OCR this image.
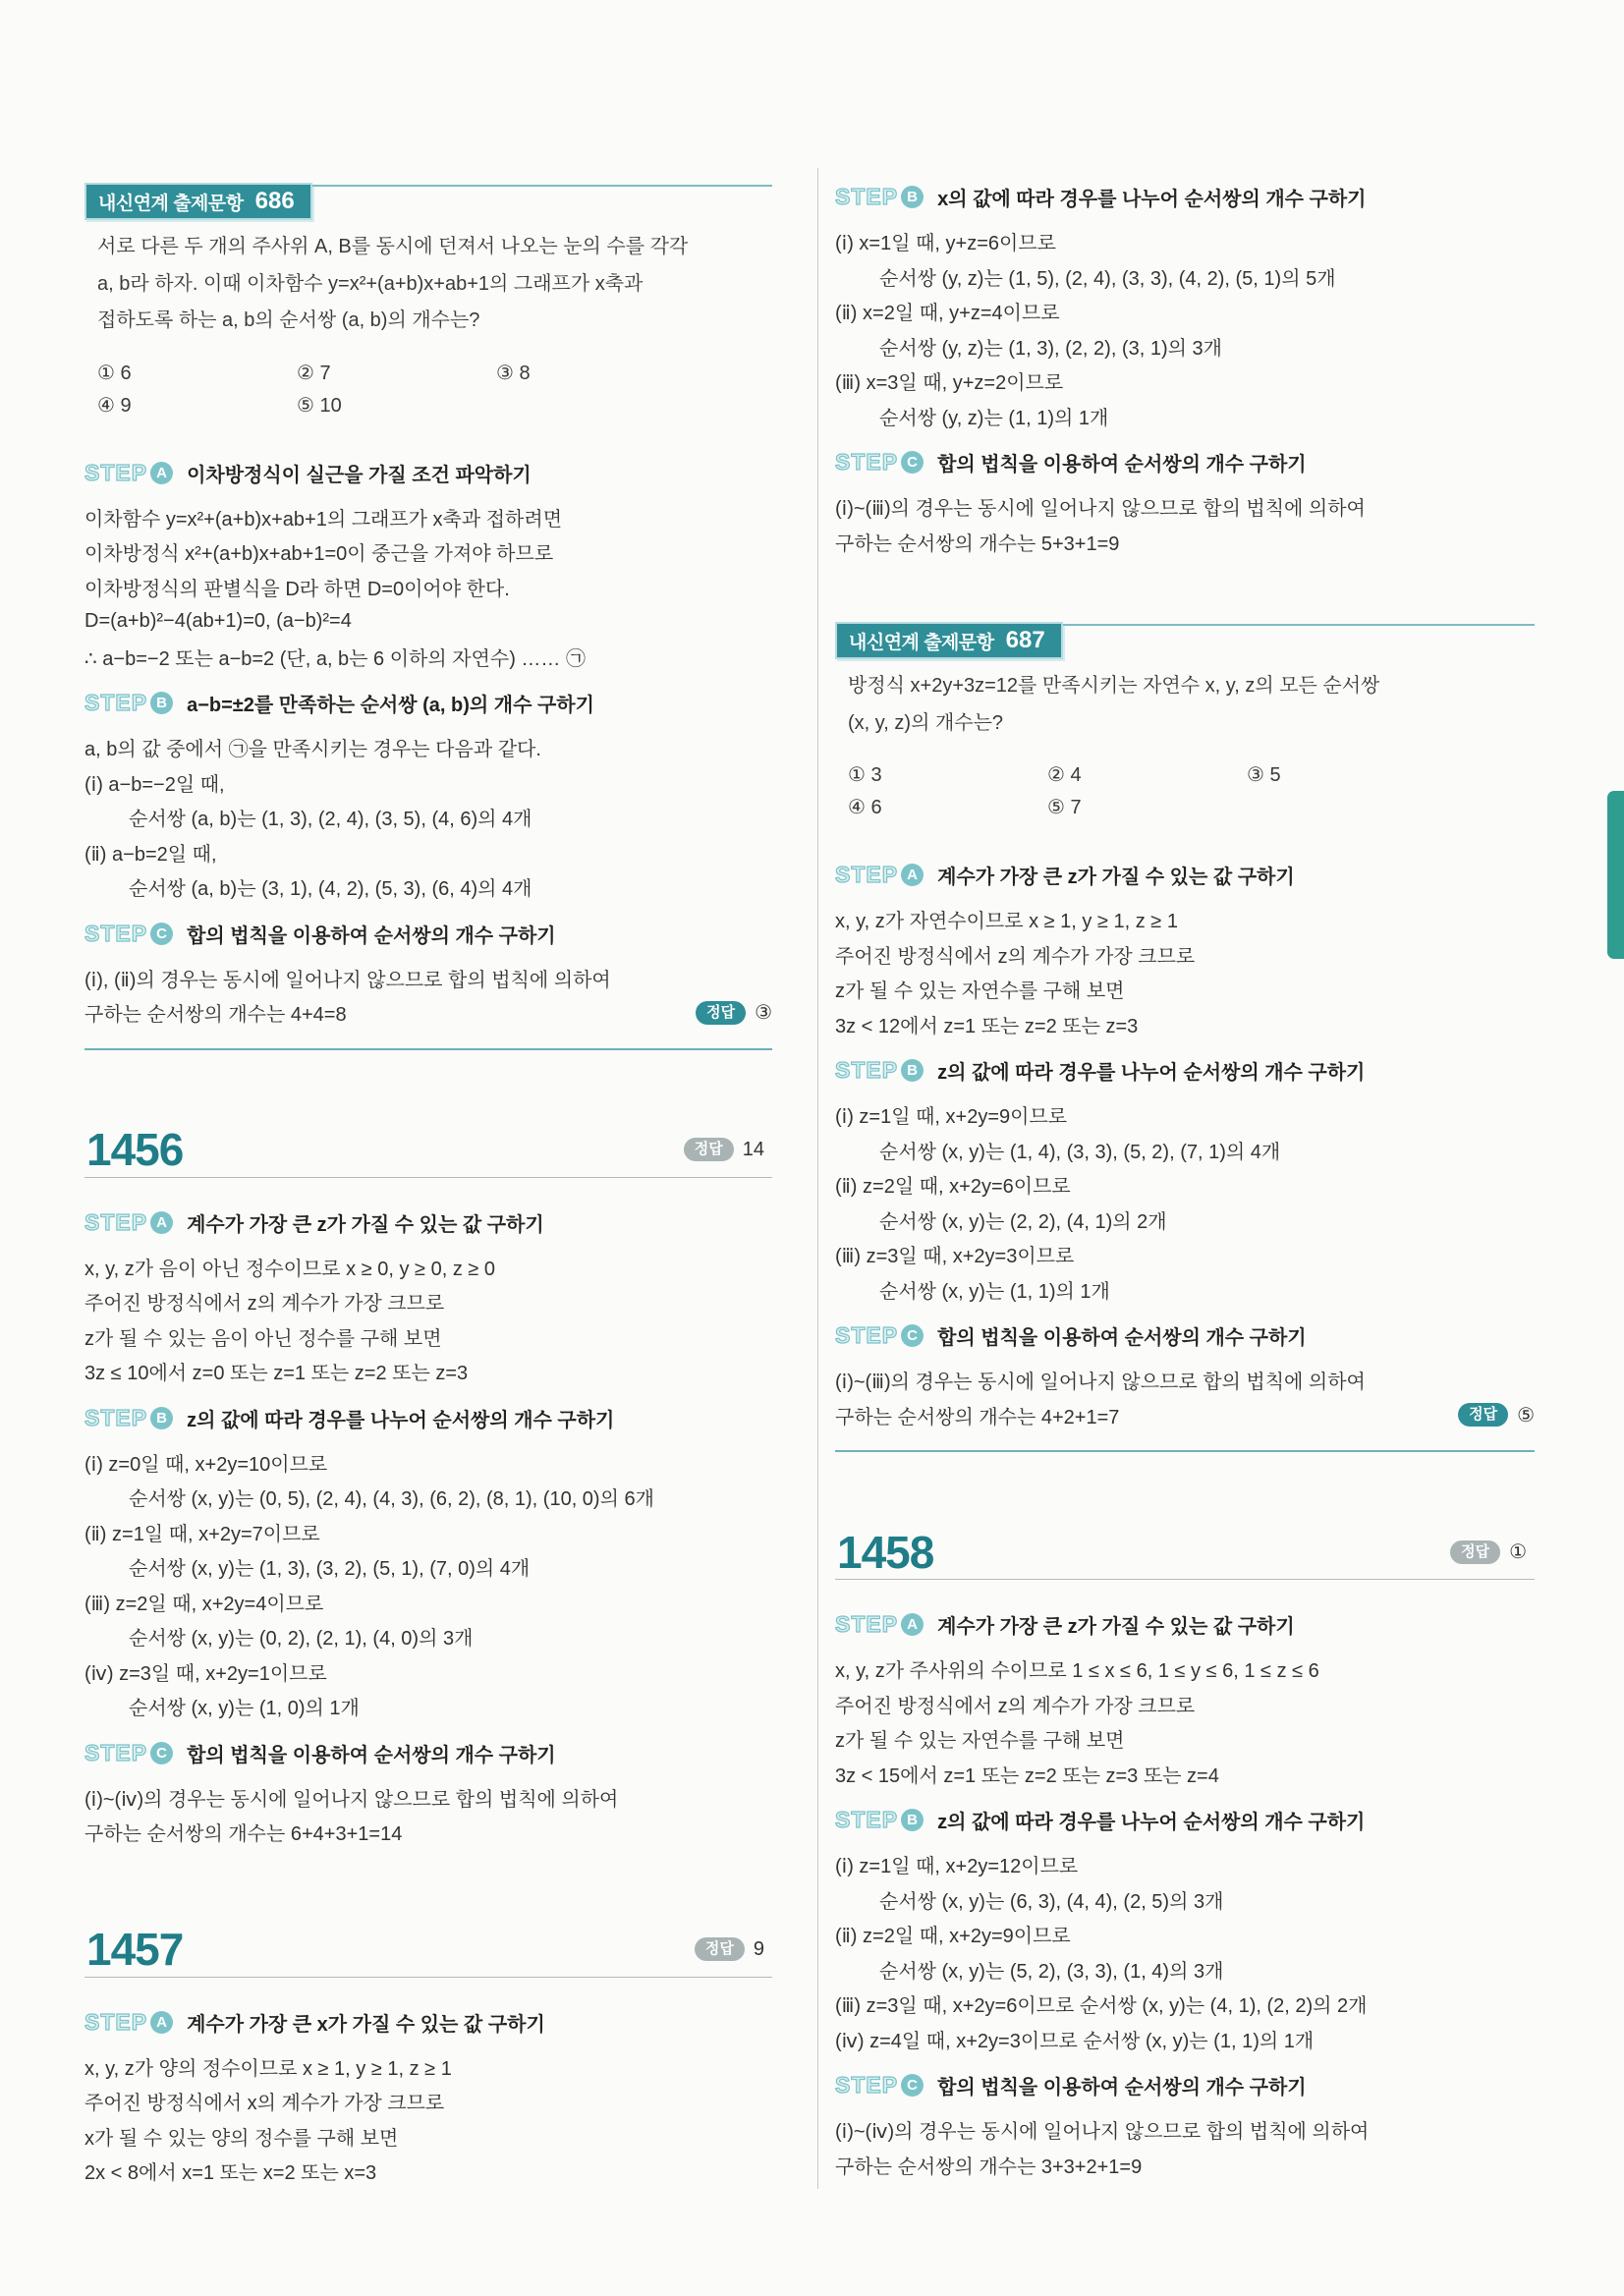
내신연계 출제문항 686
서로 다른 두 개의 주사위 A, B를 동시에 던져서 나오는 눈의 수를 각각
a, b라 하자. 이때 이차함수 y=x²+(a+b)x+ab+1의 그래프가 x축과
접하도록 하는 a, b의 순서쌍 (a, b)의 개수는?
① 6	② 7	③ 8
④ 9	⑤ 10
STEP A	이차방정식이 실근을 가질 조건 파악하기
이차함수 y=x²+(a+b)x+ab+1의 그래프가 x축과 접하려면
이차방정식 x²+(a+b)x+ab+1=0이 중근을 가져야 하므로
이차방정식의 판별식을 D라 하면 D=0이어야 한다.
D=(a+b)²−4(ab+1)=0, (a−b)²=4
∴ a−b=−2 또는 a−b=2 (단, a, b는 6 이하의 자연수) …… ㉠
STEP B	a−b=±2를 만족하는 순서쌍 (a, b)의 개수 구하기
a, b의 값 중에서 ㉠을 만족시키는 경우는 다음과 같다.
(ⅰ) a−b=−2일 때,
순서쌍 (a, b)는 (1, 3), (2, 4), (3, 5), (4, 6)의 4개
(ⅱ) a−b=2일 때,
순서쌍 (a, b)는 (3, 1), (4, 2), (5, 3), (6, 4)의 4개
STEP C	합의 법칙을 이용하여 순서쌍의 개수 구하기
(ⅰ), (ⅱ)의 경우는 동시에 일어나지 않으므로 합의 법칙에 의하여
구하는 순서쌍의 개수는 4+4=8	정답	③
1456	정답	14
STEP A	계수가 가장 큰 z가 가질 수 있는 값 구하기
x, y, z가 음이 아닌 정수이므로 x ≥ 0, y ≥ 0, z ≥ 0
주어진 방정식에서 z의 계수가 가장 크므로
z가 될 수 있는 음이 아닌 정수를 구해 보면
3z ≤ 10에서 z=0 또는 z=1 또는 z=2 또는 z=3
STEP B	z의 값에 따라 경우를 나누어 순서쌍의 개수 구하기
(ⅰ) z=0일 때, x+2y=10이므로
순서쌍 (x, y)는 (0, 5), (2, 4), (4, 3), (6, 2), (8, 1), (10, 0)의 6개
(ⅱ) z=1일 때, x+2y=7이므로
순서쌍 (x, y)는 (1, 3), (3, 2), (5, 1), (7, 0)의 4개
(ⅲ) z=2일 때, x+2y=4이므로
순서쌍 (x, y)는 (0, 2), (2, 1), (4, 0)의 3개
(ⅳ) z=3일 때, x+2y=1이므로
순서쌍 (x, y)는 (1, 0)의 1개
STEP C	합의 법칙을 이용하여 순서쌍의 개수 구하기
(ⅰ)~(ⅳ)의 경우는 동시에 일어나지 않으므로 합의 법칙에 의하여
구하는 순서쌍의 개수는 6+4+3+1=14
1457	정답	9
STEP A	계수가 가장 큰 x가 가질 수 있는 값 구하기
x, y, z가 양의 정수이므로 x ≥ 1, y ≥ 1, z ≥ 1
주어진 방정식에서 x의 계수가 가장 크므로
x가 될 수 있는 양의 정수를 구해 보면
2x < 8에서 x=1 또는 x=2 또는 x=3
STEP B	x의 값에 따라 경우를 나누어 순서쌍의 개수 구하기
(ⅰ) x=1일 때, y+z=6이므로
순서쌍 (y, z)는 (1, 5), (2, 4), (3, 3), (4, 2), (5, 1)의 5개
(ⅱ) x=2일 때, y+z=4이므로
순서쌍 (y, z)는 (1, 3), (2, 2), (3, 1)의 3개
(ⅲ) x=3일 때, y+z=2이므로
순서쌍 (y, z)는 (1, 1)의 1개
STEP C	합의 법칙을 이용하여 순서쌍의 개수 구하기
(ⅰ)~(ⅲ)의 경우는 동시에 일어나지 않으므로 합의 법칙에 의하여
구하는 순서쌍의 개수는 5+3+1=9
내신연계 출제문항 687
방정식 x+2y+3z=12를 만족시키는 자연수 x, y, z의 모든 순서쌍
(x, y, z)의 개수는?
① 3	② 4	③ 5
④ 6	⑤ 7
STEP A	계수가 가장 큰 z가 가질 수 있는 값 구하기
x, y, z가 자연수이므로 x ≥ 1, y ≥ 1, z ≥ 1
주어진 방정식에서 z의 계수가 가장 크므로
z가 될 수 있는 자연수를 구해 보면
3z < 12에서 z=1 또는 z=2 또는 z=3
STEP B	z의 값에 따라 경우를 나누어 순서쌍의 개수 구하기
(ⅰ) z=1일 때, x+2y=9이므로
순서쌍 (x, y)는 (1, 4), (3, 3), (5, 2), (7, 1)의 4개
(ⅱ) z=2일 때, x+2y=6이므로
순서쌍 (x, y)는 (2, 2), (4, 1)의 2개
(ⅲ) z=3일 때, x+2y=3이므로
순서쌍 (x, y)는 (1, 1)의 1개
STEP C	합의 법칙을 이용하여 순서쌍의 개수 구하기
(ⅰ)~(ⅲ)의 경우는 동시에 일어나지 않으므로 합의 법칙에 의하여
구하는 순서쌍의 개수는 4+2+1=7	정답	⑤
1458	정답	①
STEP A	계수가 가장 큰 z가 가질 수 있는 값 구하기
x, y, z가 주사위의 수이므로 1 ≤ x ≤ 6, 1 ≤ y ≤ 6, 1 ≤ z ≤ 6
주어진 방정식에서 z의 계수가 가장 크므로
z가 될 수 있는 자연수를 구해 보면
3z < 15에서 z=1 또는 z=2 또는 z=3 또는 z=4
STEP B	z의 값에 따라 경우를 나누어 순서쌍의 개수 구하기
(ⅰ) z=1일 때, x+2y=12이므로
순서쌍 (x, y)는 (6, 3), (4, 4), (2, 5)의 3개
(ⅱ) z=2일 때, x+2y=9이므로
순서쌍 (x, y)는 (5, 2), (3, 3), (1, 4)의 3개
(ⅲ) z=3일 때, x+2y=6이므로 순서쌍 (x, y)는 (4, 1), (2, 2)의 2개
(ⅳ) z=4일 때, x+2y=3이므로 순서쌍 (x, y)는 (1, 1)의 1개
STEP C	합의 법칙을 이용하여 순서쌍의 개수 구하기
(ⅰ)~(ⅳ)의 경우는 동시에 일어나지 않으므로 합의 법칙에 의하여
구하는 순서쌍의 개수는 3+3+2+1=9
